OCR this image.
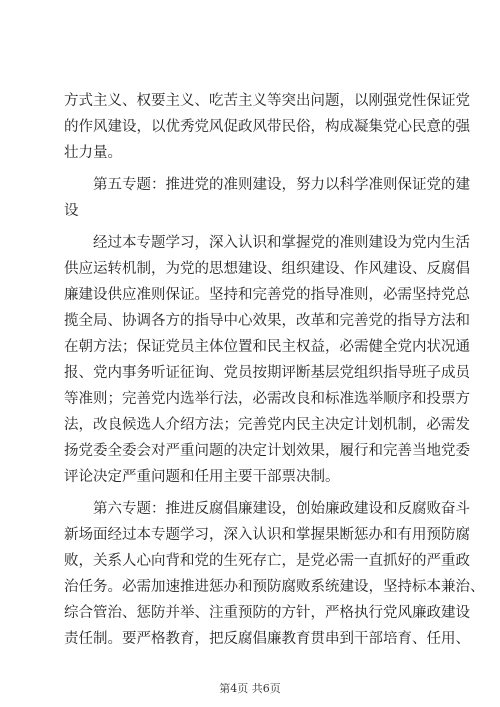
方式主义、权要主义、吃苦主义等突出问题，以刚强党性保证党
的作风建设，以优秀党风促政风带民俗，构成凝集党心民意的强
壮力量。
　　第五专题：推进党的准则建设，努力以科学准则保证党的建
设
　　经过本专题学习，深入认识和掌握党的准则建设为党内生活
供应运转机制，为党的思想建设、组织建设、作风建设、反腐倡
廉建设供应准则保证。坚持和完善党的指导准则，必需坚持党总
揽全局、协调各方的指导中心效果，改革和完善党的指导方法和
在朝方法；保证党员主体位置和民主权益，必需健全党内状况通
报、党内事务听证征询、党员按期评断基层党组织指导班子成员
等准则；完善党内选举行法，必需改良和标准选举顺序和投票方
法，改良候选人介绍方法；完善党内民主决定计划机制，必需发
扬党委全委会对严重问题的决定计划效果，履行和完善当地党委
评论决定严重问题和任用主要干部票决制。
　　第六专题：推进反腐倡廉建设，创始廉政建设和反腐败奋斗
新场面经过本专题学习，深入认识和掌握果断惩办和有用预防腐
败，关系人心向背和党的生死存亡，是党必需一直抓好的严重政
治任务。必需加速推进惩办和预防腐败系统建设，坚持标本兼治、
综合管治、惩防并举、注重预防的方针，严格执行党风廉政建设
责任制。要严格教育，把反腐倡廉教育贯串到干部培育、任用、
第4页 共6页
